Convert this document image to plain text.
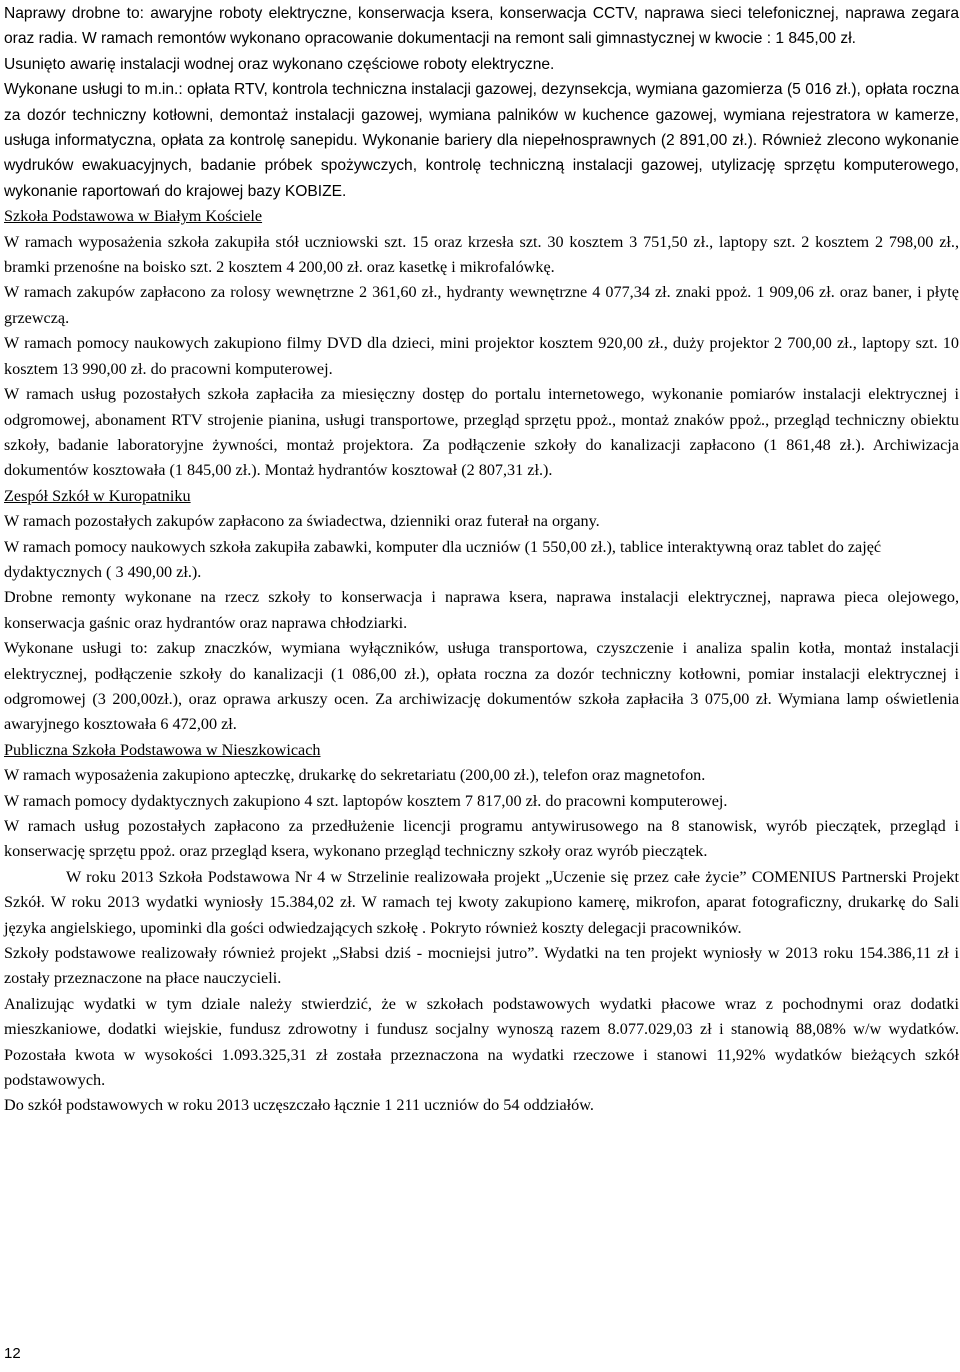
Naprawy drobne to: awaryjne roboty elektryczne, konserwacja ksera, konserwacja CCTV, naprawa sieci telefonicznej, naprawa zegara oraz radia. W ramach remontów wykonano opracowanie dokumentacji na remont sali gimnastycznej w kwocie : 1 845,00 zł.

Usunięto awarię instalacji wodnej oraz wykonano częściowe roboty elektryczne.

Wykonane usługi to m.in.: opłata RTV, kontrola techniczna instalacji gazowej, dezynsekcja, wymiana gazomierza (5 016 zł.), opłata roczna za dozór techniczny kotłowni, demontaż instalacji gazowej, wymiana palników w kuchence gazowej, wymiana rejestratora w kamerze, usługa informatyczna, opłata za kontrolę sanepidu. Wykonanie bariery dla niepełnosprawnych (2 891,00 zł.). Również zlecono wykonanie wydruków ewakuacyjnych, badanie próbek spożywczych, kontrolę techniczną instalacji gazowej, utylizację sprzętu komputerowego, wykonanie raportowań do krajowej bazy KOBIZE.

Szkoła Podstawowa w Białym Kościele

W ramach wyposażenia szkoła zakupiła stół uczniowski szt. 15 oraz krzesła szt. 30 kosztem 3 751,50 zł., laptopy szt. 2 kosztem 2 798,00 zł., bramki przenośne na boisko szt. 2 kosztem 4 200,00 zł. oraz kasetkę i mikrofalówkę.

W ramach zakupów zapłacono za rolosy wewnętrzne 2 361,60 zł., hydranty wewnętrzne 4 077,34 zł. znaki ppoż. 1 909,06 zł. oraz baner, i płytę grzewczą.

W ramach pomocy naukowych zakupiono filmy DVD dla dzieci, mini projektor kosztem 920,00 zł., duży projektor 2 700,00 zł., laptopy szt. 10 kosztem 13 990,00 zł. do pracowni komputerowej.

W ramach usług pozostałych szkoła zapłaciła za miesięczny dostęp do portalu internetowego, wykonanie pomiarów instalacji elektrycznej i odgromowej, abonament RTV strojenie pianina, usługi transportowe, przegląd sprzętu ppoż., montaż znaków ppoż., przegląd techniczny obiektu szkoły, badanie laboratoryjne żywności, montaż projektora. Za podłączenie szkoły do kanalizacji zapłacono (1 861,48 zł.). Archiwizacja dokumentów kosztowała (1 845,00 zł.). Montaż hydrantów kosztował (2 807,31 zł.).

Zespół Szkół w Kuropatniku

W ramach pozostałych zakupów zapłacono za świadectwa, dzienniki oraz futerał na organy.

W ramach pomocy naukowych szkoła zakupiła zabawki, komputer dla uczniów (1 550,00 zł.), tablice interaktywną oraz tablet do zajęć dydaktycznych ( 3 490,00 zł.).

Drobne remonty wykonane na rzecz szkoły to konserwacja i naprawa ksera, naprawa instalacji elektrycznej, naprawa pieca olejowego, konserwacja gaśnic oraz hydrantów oraz naprawa chłodziarki.

Wykonane usługi to: zakup znaczków, wymiana wyłączników, usługa transportowa, czyszczenie i analiza spalin kotła, montaż instalacji elektrycznej, podłączenie szkoły do kanalizacji (1 086,00 zł.), opłata roczna za dozór techniczny kotłowni, pomiar instalacji elektrycznej i odgromowej (3 200,00zł.), oraz oprawa arkuszy ocen. Za archiwizację dokumentów szkoła zapłaciła 3 075,00 zł. Wymiana lamp oświetlenia awaryjnego kosztowała 6 472,00 zł.

Publiczna Szkoła Podstawowa w Nieszkowicach

W ramach wyposażenia zakupiono apteczkę, drukarkę do sekretariatu (200,00 zł.), telefon oraz magnetofon.

W ramach pomocy dydaktycznych zakupiono 4 szt. laptopów kosztem 7 817,00 zł. do pracowni komputerowej.

W ramach usług pozostałych zapłacono za przedłużenie licencji programu antywirusowego na 8 stanowisk, wyrób pieczątek, przegląd i konserwację sprzętu ppoż. oraz przegląd ksera, wykonano przegląd techniczny szkoły oraz wyrób pieczątek.

W roku 2013 Szkoła Podstawowa Nr 4 w Strzelinie realizowała projekt „Uczenie się przez całe życie” COMENIUS Partnerski Projekt Szkół. W roku 2013 wydatki wyniosły 15.384,02 zł. W ramach tej kwoty zakupiono kamerę, mikrofon, aparat fotograficzny, drukarkę do Sali języka angielskiego, upominki dla gości odwiedzających szkołę . Pokryto również koszty delegacji pracowników.

Szkoły podstawowe realizowały również projekt „Słabsi dziś - mocniejsi jutro”. Wydatki na ten projekt wyniosły w 2013 roku 154.386,11 zł i zostały przeznaczone na płace nauczycieli.

Analizując wydatki w tym dziale należy stwierdzić, że w szkołach podstawowych wydatki płacowe wraz z pochodnymi oraz dodatki mieszkaniowe, dodatki wiejskie, fundusz zdrowotny i fundusz socjalny wynoszą razem 8.077.029,03 zł i stanowią 88,08% w/w wydatków. Pozostała kwota w wysokości 1.093.325,31 zł została przeznaczona na wydatki rzeczowe i stanowi 11,92% wydatków bieżących szkół podstawowych.

Do szkół podstawowych w roku 2013 uczęszczało łącznie 1 211 uczniów do 54 oddziałów.

12
